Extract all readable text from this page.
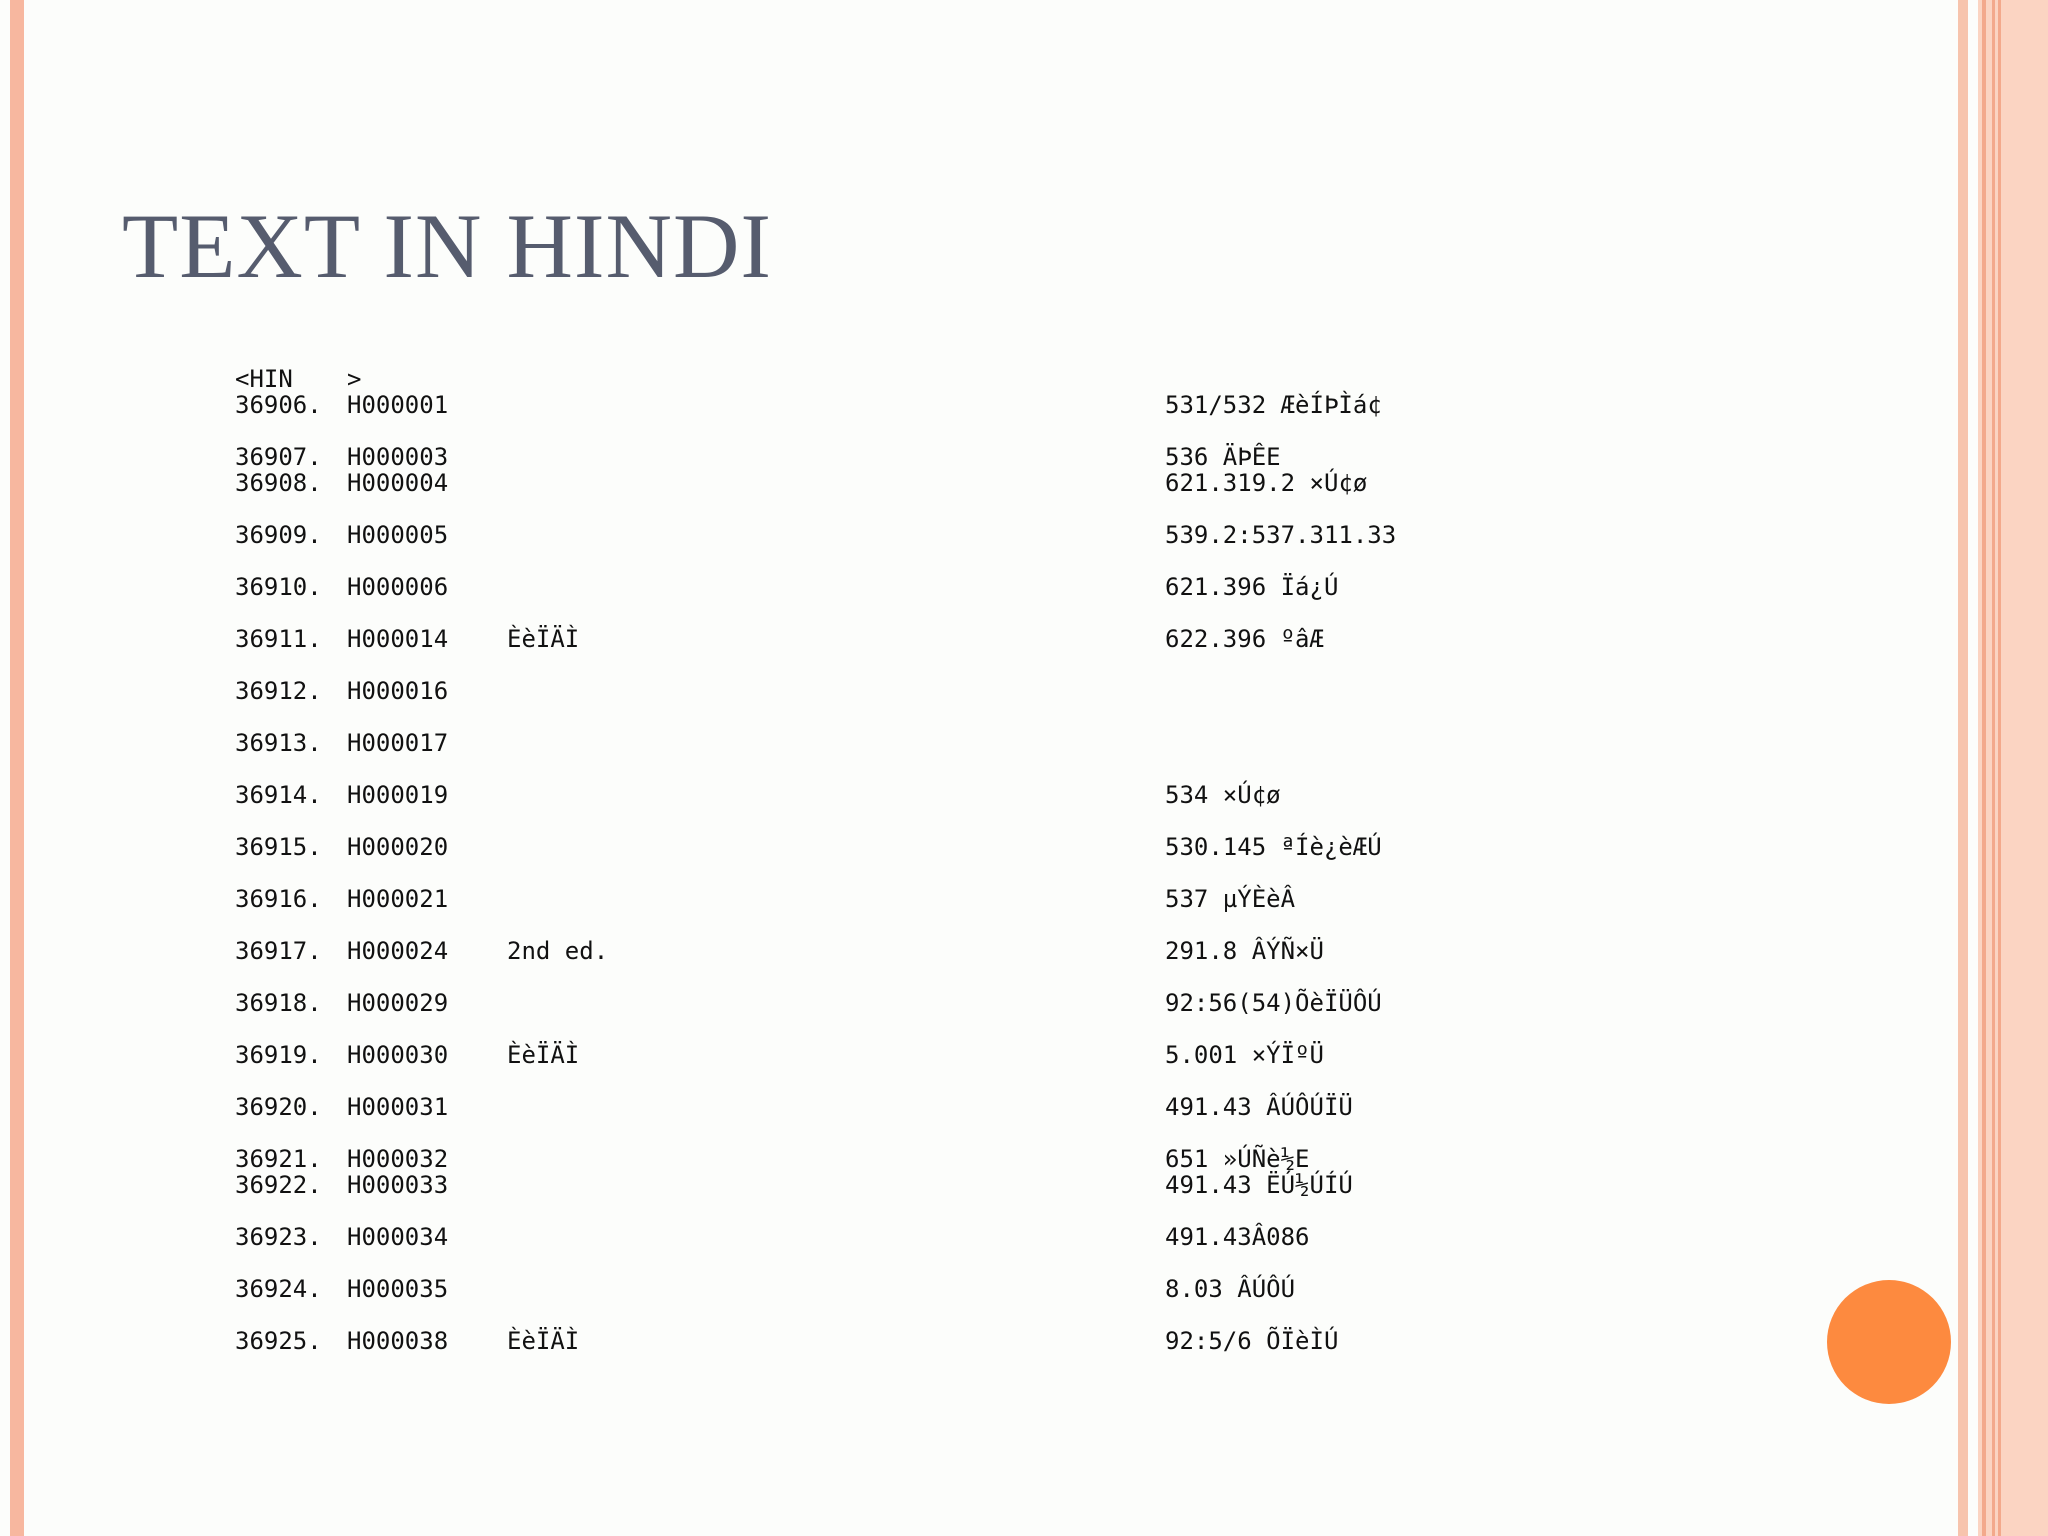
TEXT IN HINDI

<HIN

>

36906. H000001	531/532 ÆèÍÞÌá¢
36907. H000003	536 ÄÞÊE
36908. H000004	621.319.2 ×Ú¢ø
36909. H000005	539.2:537.311.33
36910. H000006	621.396 Ïá¿Ú
36911. H000014 ÈèÏÄÌ	622.396 ºâÆ
36912. H000016
36913. H000017
36914. H000019	534 ×Ú¢ø
36915. H000020	530.145 ªÍè¿èÆÚ
36916. H000021	537 µÝÈèÂ
36917. H000024 2nd ed.	291.8 ÂÝÑ×Ü
36918. H000029	92:56(54)ÕèÏÜÔÚ
36919. H000030 ÈèÏÄÌ	5.001 ×ÝÏºÜ
36920. H000031	491.43 ÂÚÔÚÏÜ
36921. H000032	651 »ÚÑè½E
36922. H000033	491.43 ËÚ½ÚÍÚ
36923. H000034	491.43Â086
36924. H000035	8.03 ÂÚÔÚ
36925. H000038 ÈèÏÄÌ	92:5/6 ÕÏèÌÚ
